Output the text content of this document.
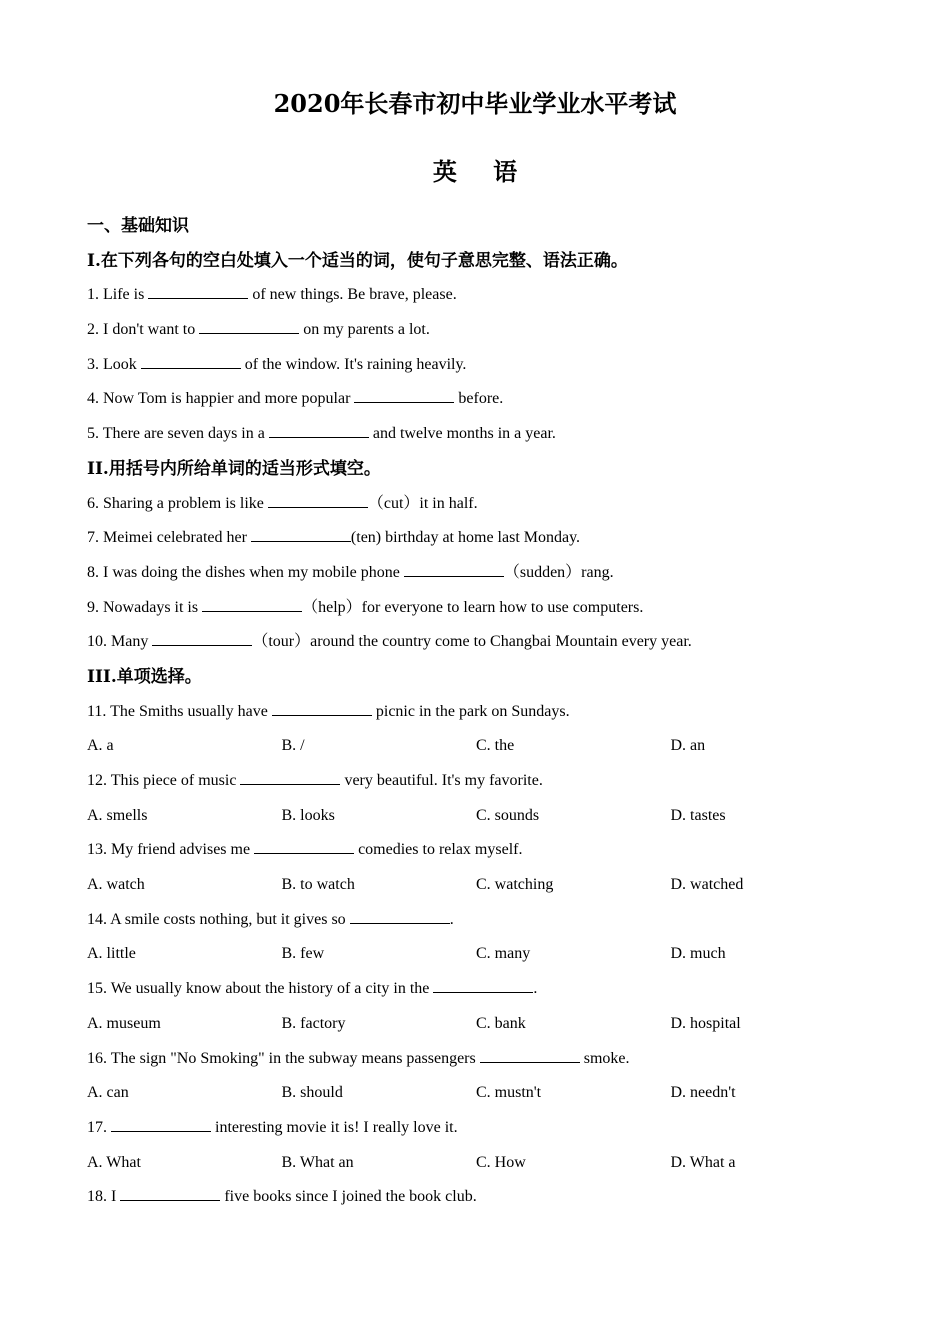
2020年长春市初中毕业学业水平考试
英 语
一、基础知识
I.在下列各句的空白处填入一个适当的词，使句子意思完整、语法正确。
1. Life is	of new things. Be brave, please.
2. I don't want to	on my parents a lot.
3. Look	of the window. It's raining heavily.
4. Now Tom is happier and more popular	before.
5. There are seven days in a	and twelve months in a year.
II.用括号内所给单词的适当形式填空。
6. Sharing a problem is like	（cut）it in half.
7. Meimei celebrated her	(ten) birthday at home last Monday.
8. I was doing the dishes when my mobile phone	（sudden）rang.
9. Nowadays it is	（help）for everyone to learn how to use computers.
10. Many	（tour）around the country come to Changbai Mountain every year.
III.单项选择。
11. The Smiths usually have	picnic in the park on Sundays.
A. a	B. /	C. the	D. an
12. This piece of music	very beautiful. It's my favorite.
A. smells	B. looks	C. sounds	D. tastes
13. My friend advises me	comedies to relax myself.
A. watch	B. to watch	C. watching	D. watched
14. A smile costs nothing, but it gives so	.
A. little	B. few	C. many	D. much
15. We usually know about the history of a city in the	.
A. museum	B. factory	C. bank	D. hospital
16. The sign "No Smoking" in the subway means passengers	smoke.
A. can	B. should	C. mustn't	D. needn't
17.	interesting movie it is! I really love it.
A. What	B. What an	C. How	D. What a
18. I	five books since I joined the book club.
